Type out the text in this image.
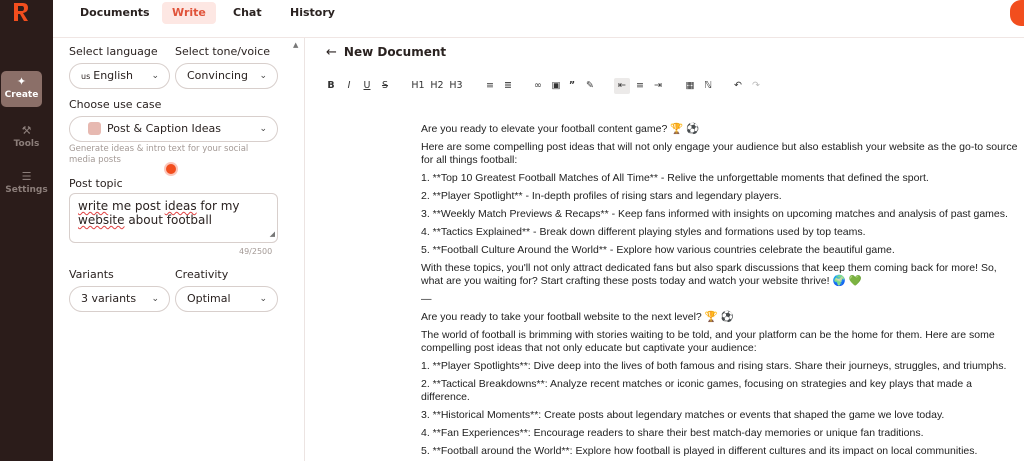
✦
Create
⚒
Tools
☰
Settings
Documents	Write	Chat	History
Select language
us English ⌄
Select tone/voice
Convincing ⌄
Choose use case
Post & Caption Ideas	⌄
Generate ideas & intro text for your social media posts
Post topic
write me post ideas for my website about football
◢
49/2500
Variants
3 variants ⌄
Creativity
Optimal	⌄
▲ ← New Document
B	I	U S H1 H2 H3 ≡ ≣ ∞ ▣ ”	✎	⇤	≡ ⇥ ▦ ℕ ↶ ↷

Are you ready to elevate your football content game? 🏆 ⚽

Here are some compelling post ideas that will not only engage your audience but also establish your website as the go-to source for all things football:

1. **Top 10 Greatest Football Matches of All Time** - Relive the unforgettable moments that defined the sport.

2. **Player Spotlight** - In-depth profiles of rising stars and legendary players.

3. **Weekly Match Previews & Recaps** - Keep fans informed with insights on upcoming matches and analysis of past games.

4. **Tactics Explained** - Break down different playing styles and formations used by top teams.

5. **Football Culture Around the World** - Explore how various countries celebrate the beautiful game.

With these topics, you'll not only attract dedicated fans but also spark discussions that keep them coming back for more! So, what are you waiting for? Start crafting these posts today and watch your website thrive! 🌍 💚

—

Are you ready to take your football website to the next level? 🏆 ⚽

The world of football is brimming with stories waiting to be told, and your platform can be the home for them. Here are some compelling post ideas that not only educate but captivate your audience:

1. **Player Spotlights**: Dive deep into the lives of both famous and rising stars. Share their journeys, struggles, and triumphs.

2. **Tactical Breakdowns**: Analyze recent matches or iconic games, focusing on strategies and key plays that made a difference.

3. **Historical Moments**: Create posts about legendary matches or events that shaped the game we love today.

4. **Fan Experiences**: Encourage readers to share their best match-day memories or unique fan traditions.

5. **Football around the World**: Explore how football is played in different cultures and its impact on local communities.
